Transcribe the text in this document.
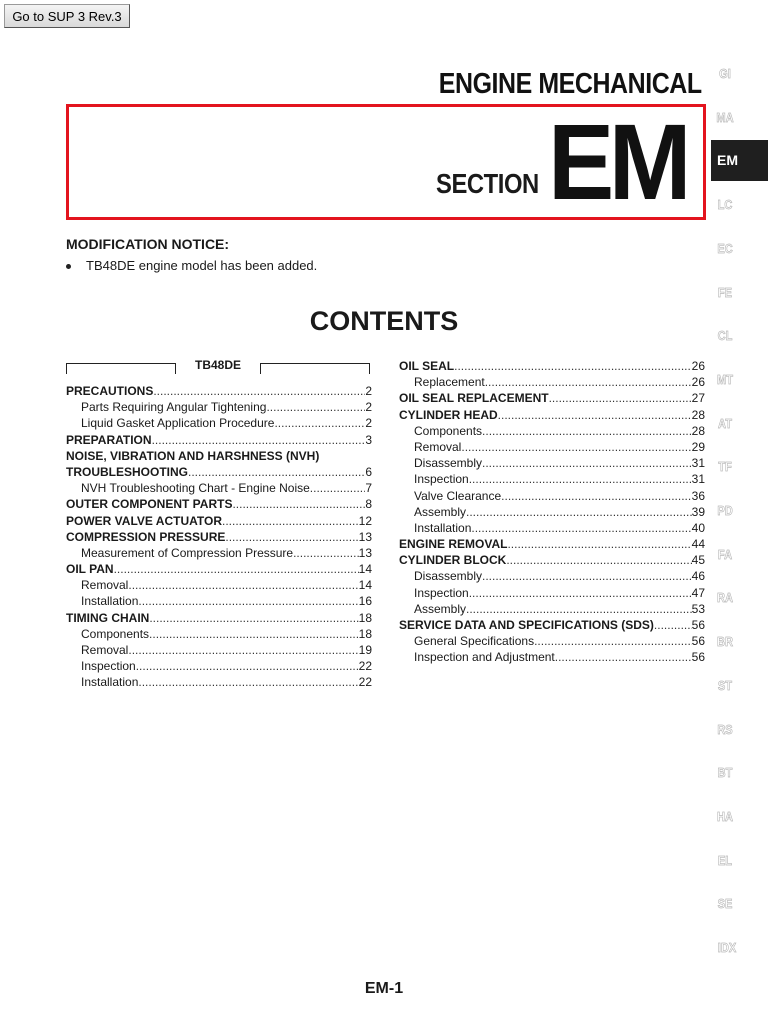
Go to SUP 3 Rev.3
ENGINE MECHANICAL
SECTION EM
GI
MA
EM
LC
EC
FE
CL
MT
AT
TF
PD
FA
RA
BR
ST
RS
BT
HA
EL
SE
IDX
MODIFICATION NOTICE:
TB48DE engine model has been added.
CONTENTS
TB48DE
PRECAUTIONS .....	2
Parts Requiring Angular Tightening .....	2
Liquid Gasket Application Procedure .....	2
PREPARATION .....	3
NOISE, VIBRATION AND HARSHNESS (NVH)
TROUBLESHOOTING .....	6
NVH Troubleshooting Chart - Engine Noise .....	7
OUTER COMPONENT PARTS .....	8
POWER VALVE ACTUATOR .....	12
COMPRESSION PRESSURE .....	13
Measurement of Compression Pressure .....	13
OIL PAN .....	14
Removal .....	14
Installation .....	16
TIMING CHAIN .....	18
Components .....	18
Removal .....	19
Inspection .....	22
Installation .....	22
OIL SEAL .....	26
Replacement .....	26
OIL SEAL REPLACEMENT .....	27
CYLINDER HEAD .....	28
Components .....	28
Removal .....	29
Disassembly .....	31
Inspection .....	31
Valve Clearance .....	36
Assembly .....	39
Installation .....	40
ENGINE REMOVAL .....	44
CYLINDER BLOCK .....	45
Disassembly .....	46
Inspection .....	47
Assembly .....	53
SERVICE DATA AND SPECIFICATIONS (SDS) .....	56
General Specifications .....	56
Inspection and Adjustment .....	56
EM-1
